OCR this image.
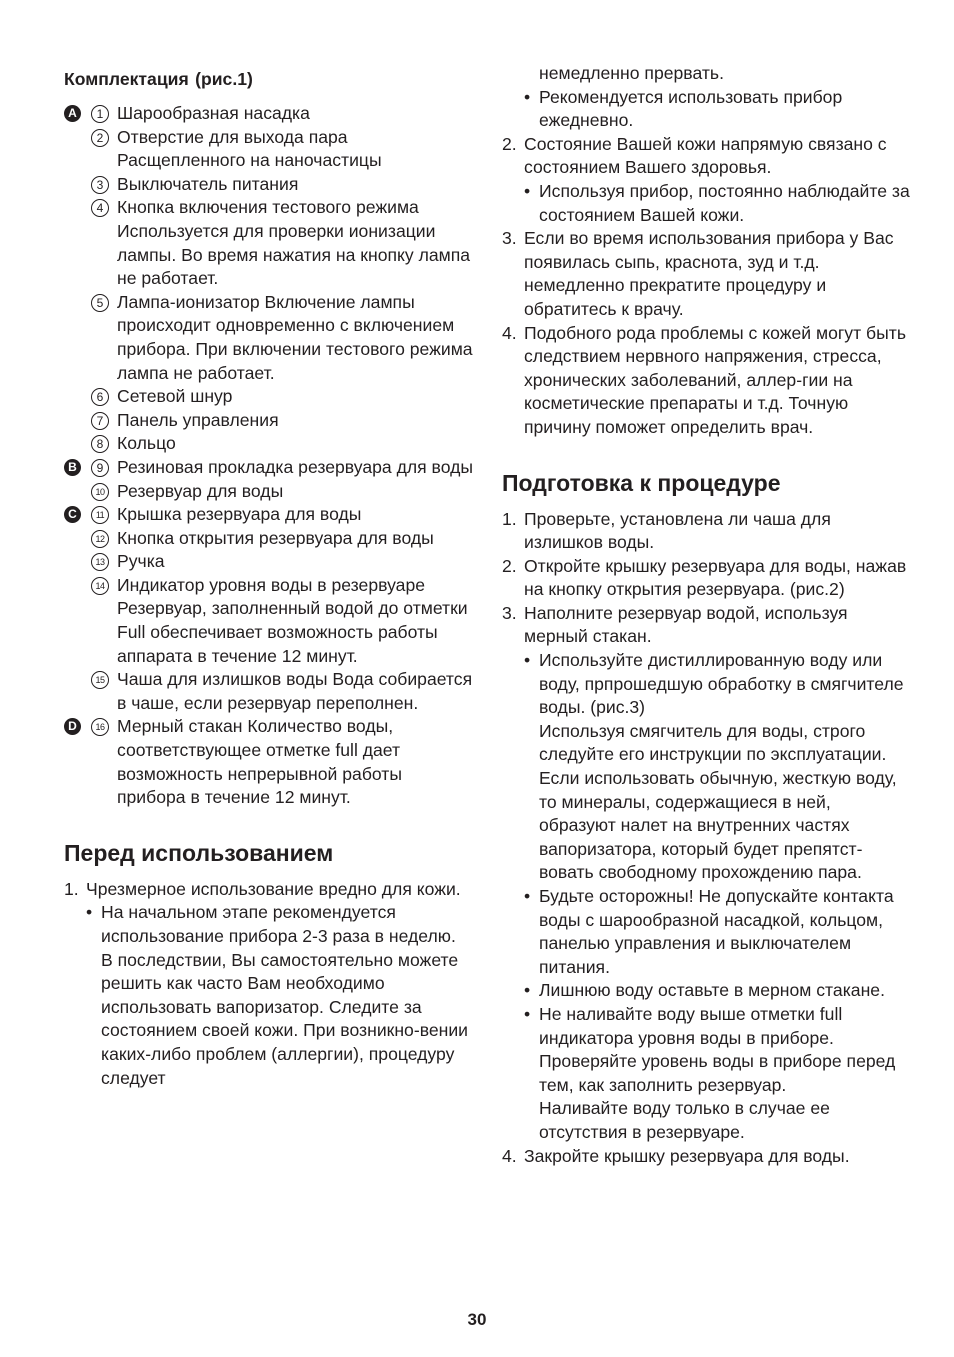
Комплектация (рис.1)
A	1 Шарообразная насадка
2 Отверстие для выхода пара Расщепленного на наночастицы
3 Выключатель питания
4 Кнопка включения тестового режима Используется для проверки ионизации лампы. Во время нажатия на кнопку лампа не работает.
5 Лампа-ионизатор Включение лампы происходит одновременно с включением прибора. При включении тестового режима лампа не работает.
6 Сетевой шнур
7 Панель управления
8 Кольцо
B	9 Резиновая прокладка резервуара для воды
10 Резервуар для воды
C	11 Крышка резервуара для воды
12 Кнопка открытия резервуара для воды
13 Ручка
14 Индикатор уровня воды в резервуаре Резервуар, заполненный водой до отметки Full обеспечивает возможность работы аппарата в течение 12 минут.
15 Чаша для излишков воды Вода собирается в чаше, если резервуар переполнен.
D	16 Мерный стакан Количество воды, соответствующее отметке full дает возможность непрерывной работы прибора в течение 12 минут.
Перед использованием
1. Чрезмерное использование вредно для кожи.
• На начальном этапе рекомендуется использование прибора 2-3 раза в неделю.
В последствии, Вы самостоятельно можете решить как часто Вам необходимо использовать вапоризатор. Следите за состоянием своей кожи. При возникно-вении каких-либо проблем (аллергии), процедуру следует
немедленно прервать.
• Рекомендуется использовать прибор ежедневно.
2. Состояние Вашей кожи напрямую связано с состоянием Вашего здоровья.
• Используя прибор, постоянно наблюдайте за состоянием Вашей кожи.
3. Если во время использования прибора у Вас появилась сыпь, краснота, зуд и т.д. немедленно прекратите процедуру и обратитесь к врачу.
4. Подобного рода проблемы с кожей могут быть следствием нервного напряжения, стресса, хронических заболеваний, аллер-гии на косметические препараты и т.д. Точную причину поможет определить врач.
Подготовка к процедуре
1. Проверьте, установлена ли чаша для излишков воды.
2. Откройте крышку резервуара для воды, нажав на кнопку открытия резервуара. (рис.2)
3. Наполните резервуар водой, используя мерный стакан.
• Используйте дистиллированную воду или воду, прпрошедшую обработку в смягчителе воды. (рис.3)
Используя смягчитель для воды, строго следуйте его инструкции по эксплуатации.
Если использовать обычную, жесткую воду, то минералы, содержащиеся в ней, образуют налет на внутренних частях вапоризатора, который будет препятст-вовать свободному прохождению пара.
• Будьте осторожны! Не допускайте контакта воды с шарообразной насадкой, кольцом, панелью управления и выключателем питания.
• Лишнюю воду оставьте в мерном стакане.
• Не наливайте воду выше отметки full индикатора уровня воды в приборе.
Проверяйте уровень воды в приборе перед тем, как заполнить резервуар.
Наливайте воду только в случае ее отсутствия в резервуаре.
4. Закройте крышку резервуара для воды.
30
